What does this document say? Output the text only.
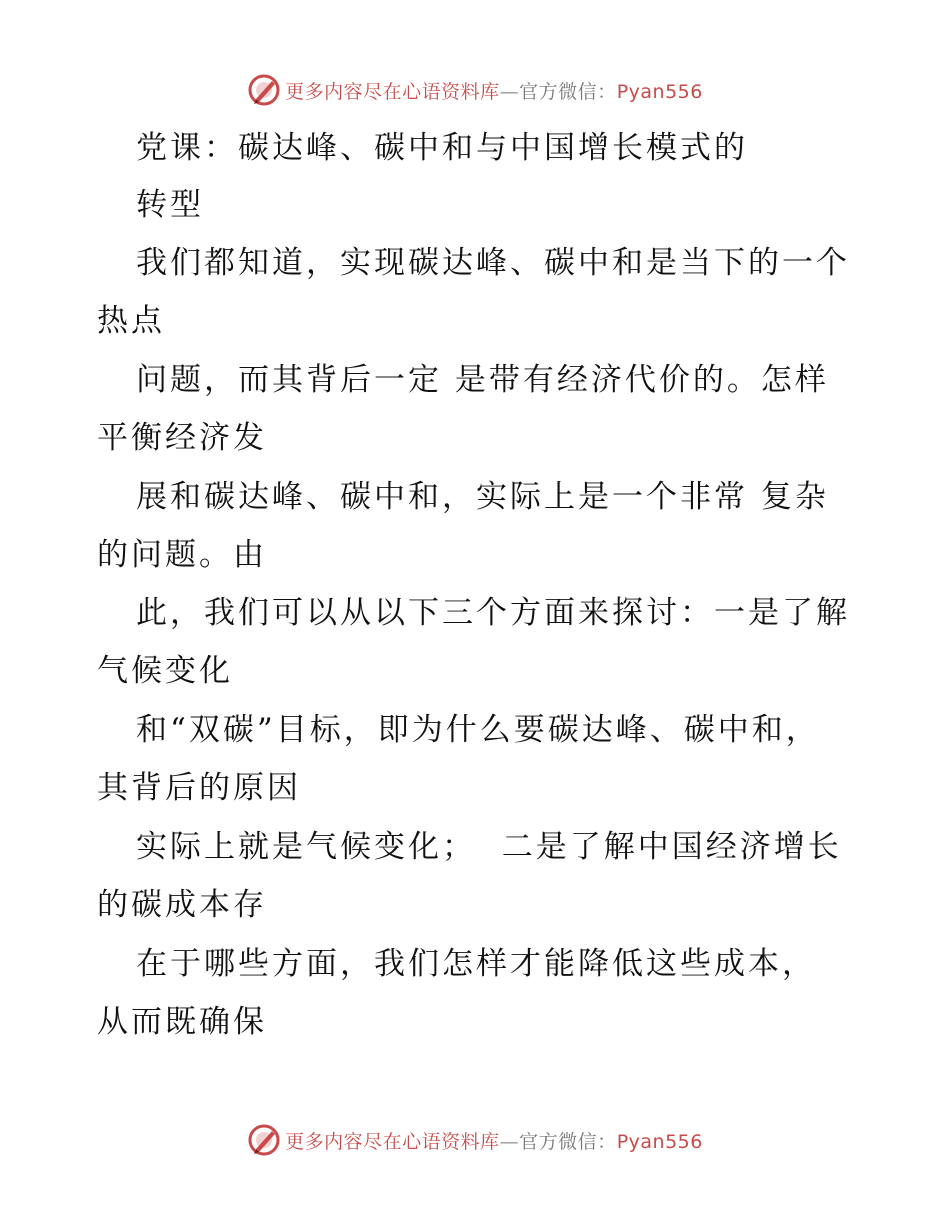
更多内容尽在心语资料库—官方微信：Pyan556
党课：碳达峰、碳中和与中国增长模式的
转型
我们都知道，实现碳达峰、碳中和是当下的一个
热点
问题，而其背后一定 是带有经济代价的。怎样
平衡经济发
展和碳达峰、碳中和，实际上是一个非常 复杂
的问题。由
此，我们可以从以下三个方面来探讨：一是了解
气候变化
和“双碳”目标，即为什么要碳达峰、碳中和，
其背后的原因
实际上就是气候变化；  二是了解中国经济增长
的碳成本存
在于哪些方面，我们怎样才能降低这些成本，
从而既确保
更多内容尽在心语资料库—官方微信：Pyan556
